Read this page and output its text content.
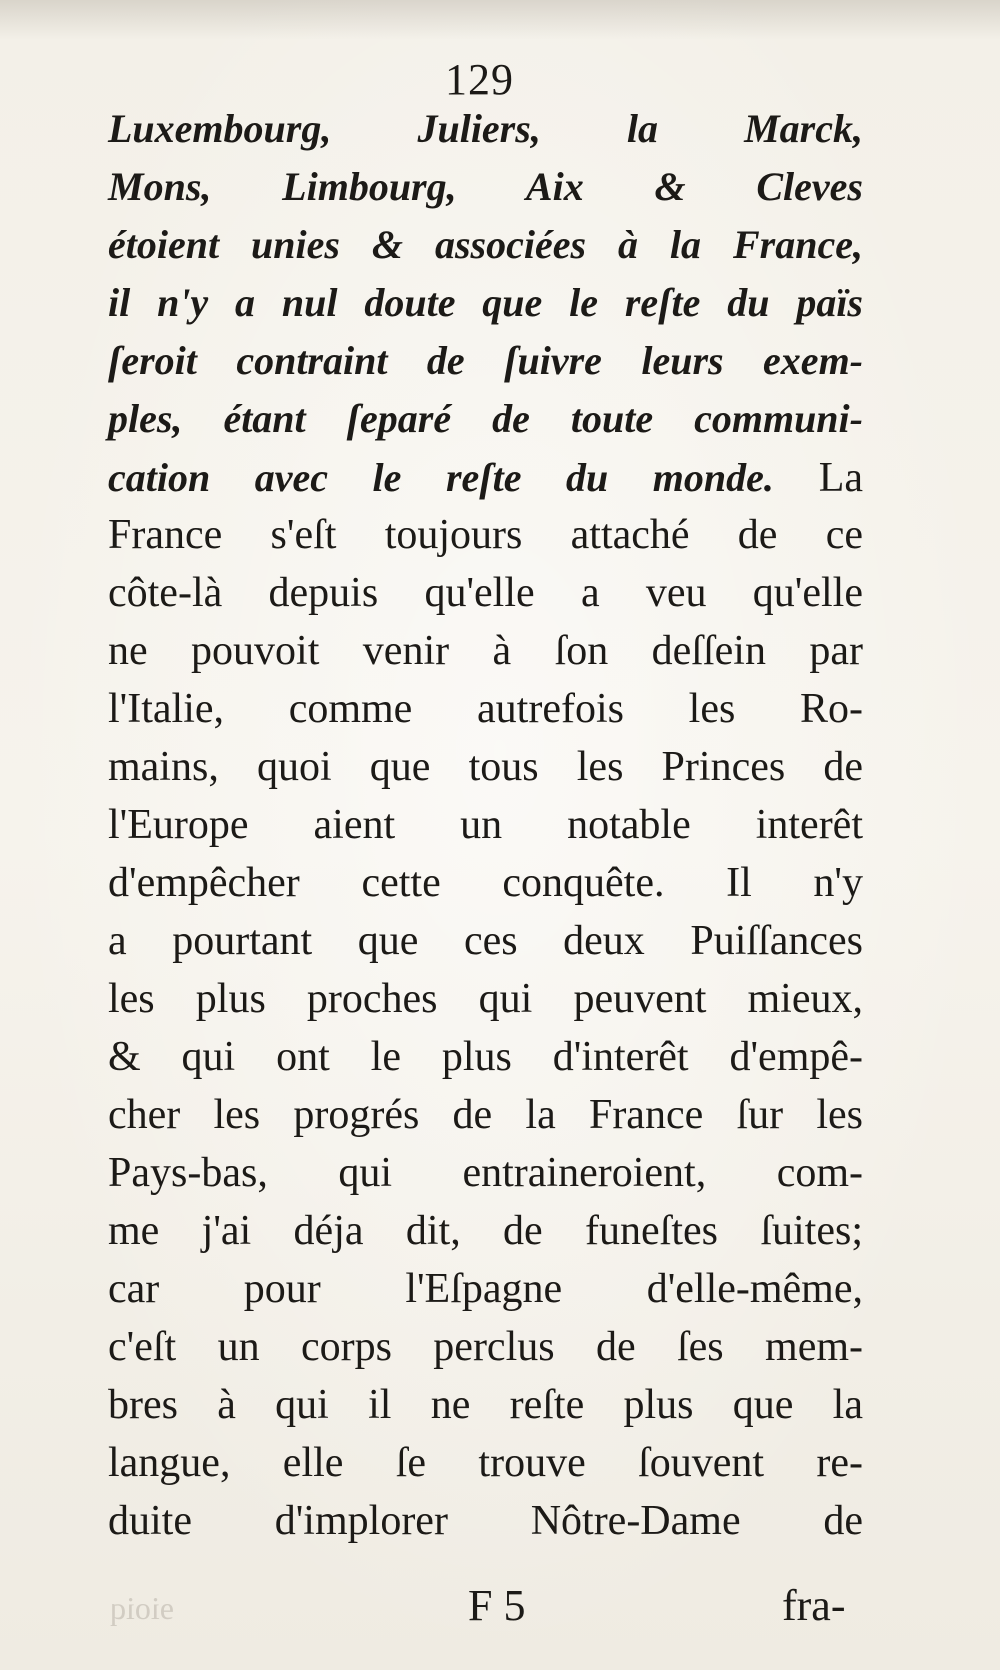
129
Luxembourg, Juliers, la Marck,
Mons, Limbourg, Aix & Cleves
étoient unies & associées à la France,
il n'y a nul doute que le reſte du païs
ſeroit contraint de ſuivre leurs exem-
ples, étant ſeparé de toute communi-
cation avec le reſte du monde. La
France s'eſt toujours attaché de ce
côte-là depuis qu'elle a veu qu'elle
ne pouvoit venir à ſon deſſein par
l'Italie, comme autrefois les Ro-
mains, quoi que tous les Princes de
l'Europe aient un notable interêt
d'empêcher cette conquête. Il n'y
a pourtant que ces deux Puiſſances
les plus proches qui peuvent mieux,
& qui ont le plus d'interêt d'empê-
cher les progrés de la France ſur les
Pays-bas, qui entraineroient, com-
me j'ai déja dit, de funeſtes ſuites;
car pour l'Eſpagne d'elle-même,
c'eſt un corps perclus de ſes mem-
bres à qui il ne reſte plus que la
langue, elle ſe trouve ſouvent re-
duite d'implorer Nôtre-Dame de
ɘioiq	F 5	fra-
